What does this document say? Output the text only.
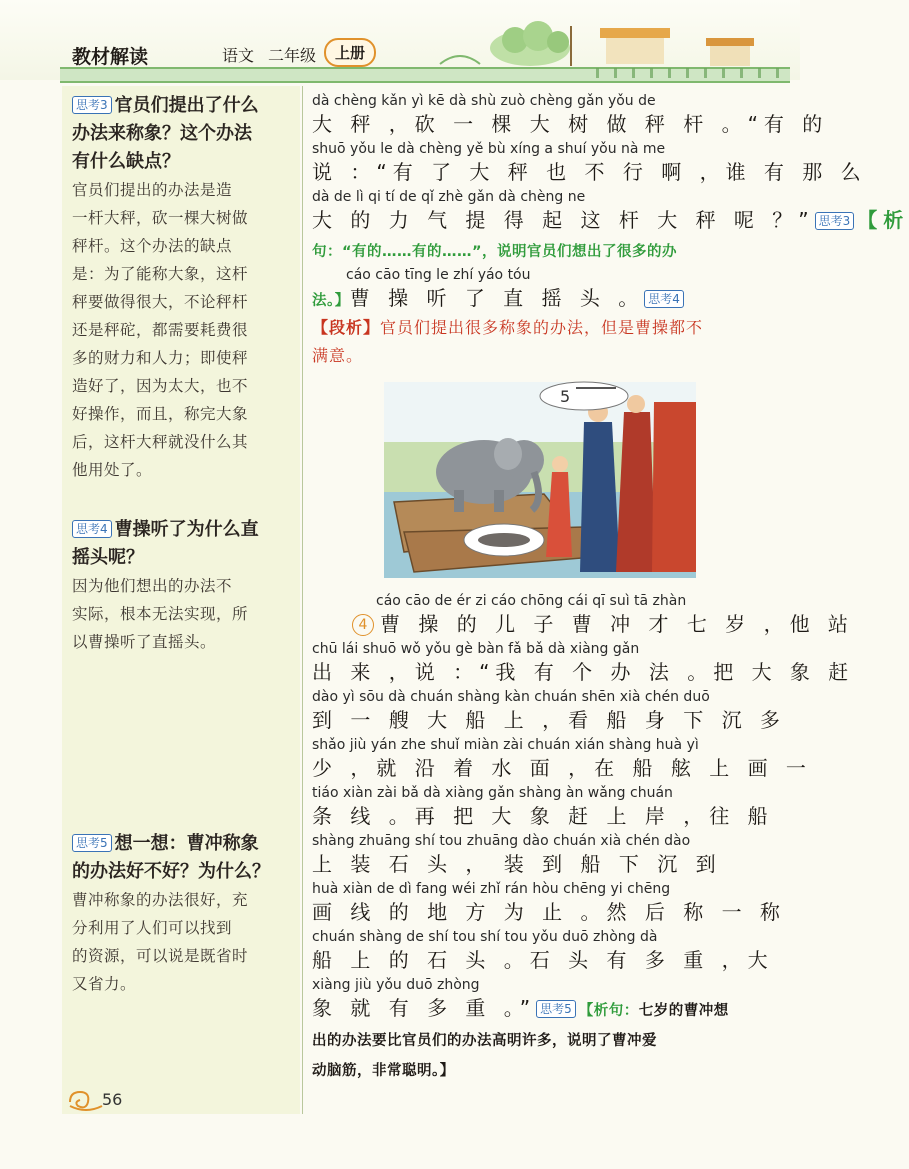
教材解读	语文 二年级	上册
思考3 官员们提出了什么
办法来称象？这个办法
有什么缺点？
官员们提出的办法是造
一杆大秤，砍一棵大树做
秤杆。这个办法的缺点
是：为了能称大象，这杆
秤要做得很大，不论秤杆
还是秤砣，都需要耗费很
多的财力和人力；即使秤
造好了，因为太大，也不
好操作，而且，称完大象
后，这杆大秤就没什么其
他用处了。
思考4 曹操听了为什么直
摇头呢？
因为他们想出的办法不
实际，根本无法实现，所
以曹操听了直摇头。
思考5 想一想：曹冲称象
的办法好不好？为什么？
曹冲称象的办法很好，充
分利用了人们可以找到
的资源，可以说是既省时
又省力。
dà chèng kǎn yì kē dà shù zuò chèng gǎn yǒu de
大 秤 ，砍 一 棵 大 树 做 秤 杆 。“有 的
shuō yǒu le dà chèng yě bù xíng a shuí yǒu nà me
说 ：“有 了 大 秤 也 不 行 啊 ，谁 有 那 么
dà de lì qi tí de qǐ zhè gǎn dà chèng ne
大 的 力 气 提 得 起 这 杆 大 秤 呢 ？” 思考3 【析
句：“有的……有的……”，说明官员们想出了很多的办
cáo cāo tīng le zhí yáo tóu
法。】曹 操 听 了 直 摇 头 。 思考4
【段析】官员们提出很多称象的办法，但是曹操都不
满意。
5
cáo cāo de ér zi cáo chōng cái qī suì tā zhàn
4 曹 操 的 儿 子 曹 冲 才 七 岁 ，他 站
chū lái shuō wǒ yǒu gè bàn fǎ bǎ dà xiàng gǎn
出 来 ，说 ：“我 有 个 办 法 。把 大 象 赶
dào yì sōu dà chuán shàng kàn chuán shēn xià chén duō
到 一 艘 大 船 上 ，看 船 身 下 沉 多
shǎo jiù yán zhe shuǐ miàn zài chuán xián shàng huà yì
少 ，就 沿 着 水 面 ，在 船 舷 上 画 一
tiáo xiàn zài bǎ dà xiàng gǎn shàng àn wǎng chuán
条 线 。再 把 大 象 赶 上 岸 ，往 船
shàng zhuāng shí tou zhuāng dào chuán xià chén dào
上 装 石 头 ， 装 到 船 下 沉 到
huà xiàn de dì fang wéi zhǐ rán hòu chēng yi chēng
画 线 的 地 方 为 止 。然 后 称 一 称
chuán shàng de shí tou shí tou yǒu duō zhòng dà
船 上 的 石 头 。石 头 有 多 重 ，大
xiàng jiù yǒu duō zhòng
象 就 有 多 重 。” 思考5 【析句：七岁的曹冲想
出的办法要比官员们的办法高明许多，说明了曹冲爱
动脑筋，非常聪明。】
56
